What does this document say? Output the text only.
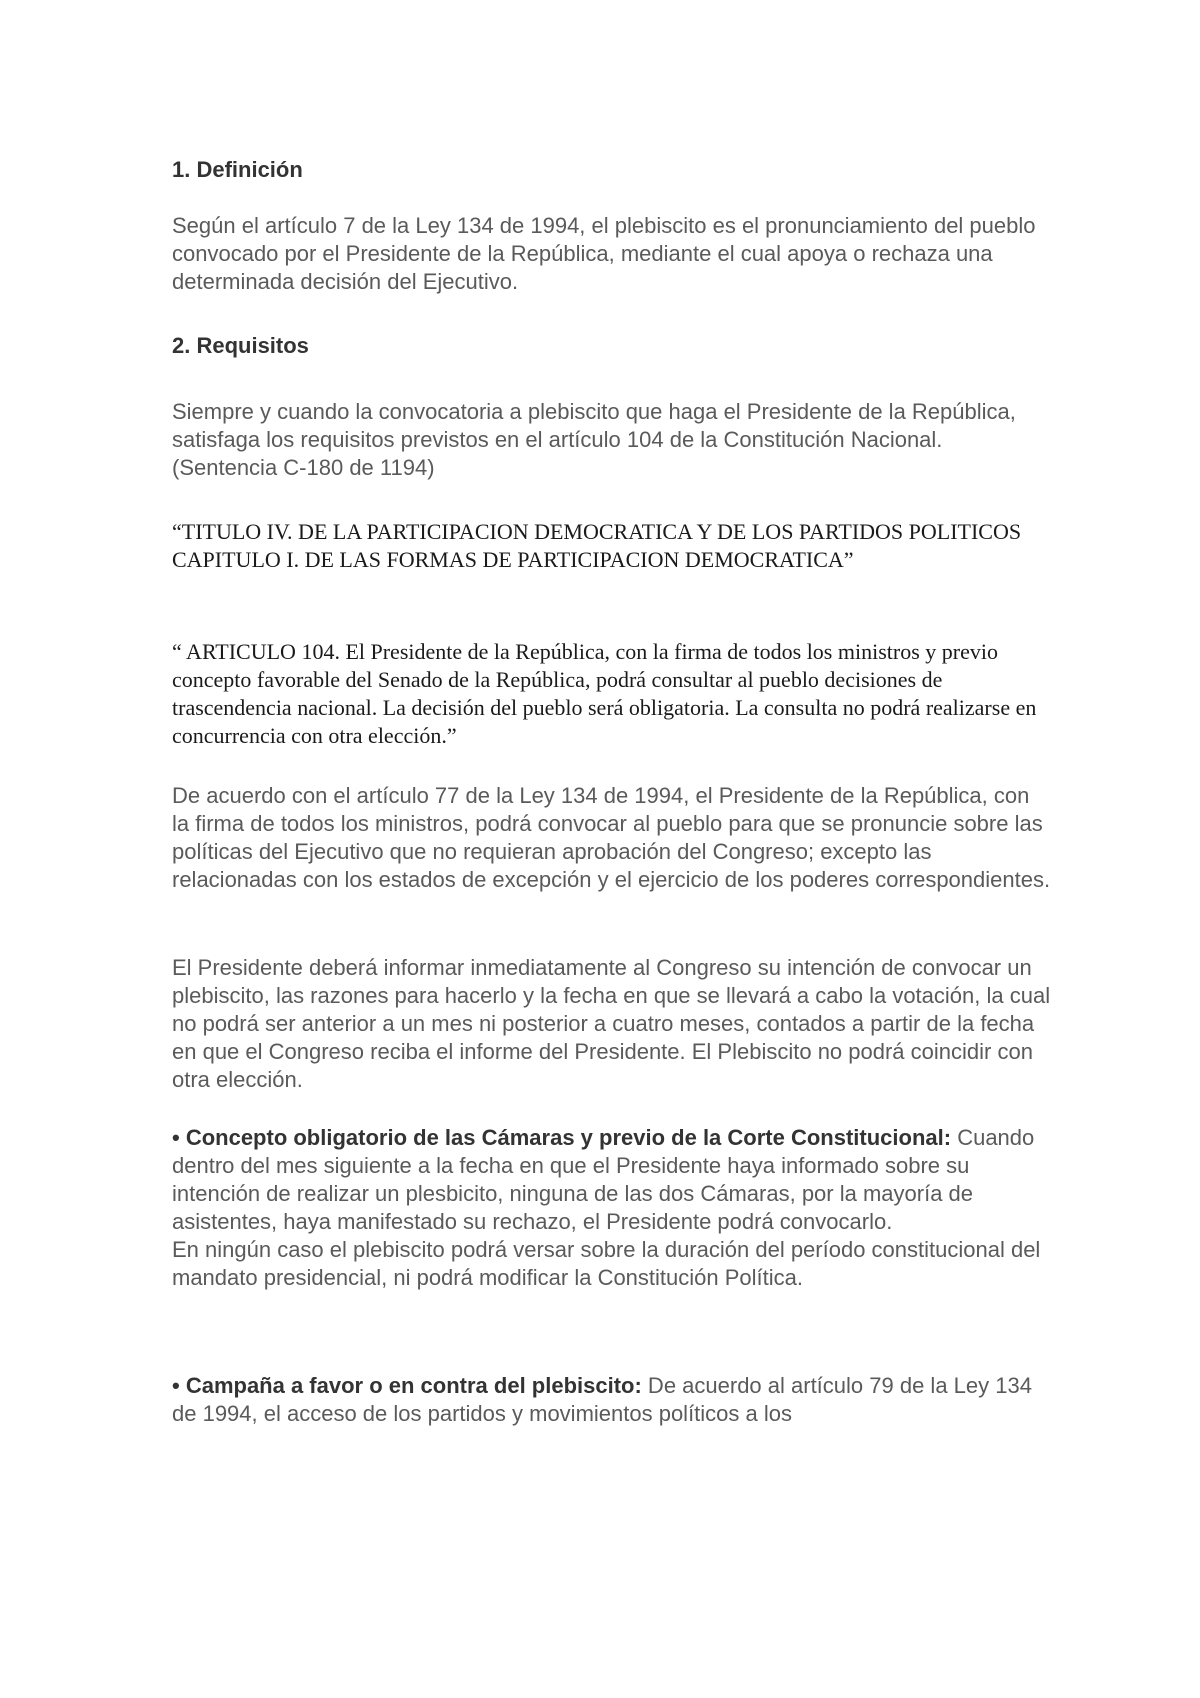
1. Definición

Según el artículo 7 de la Ley 134 de 1994, el plebiscito es el pronunciamiento del pueblo convocado por el Presidente de la República, mediante el cual apoya o rechaza una determinada decisión del Ejecutivo.

2. Requisitos

Siempre y cuando la convocatoria a plebiscito que haga el Presidente de la República, satisfaga los requisitos previstos en el artículo 104 de la Constitución Nacional. (Sentencia C-180 de 1194)

“TITULO IV. DE LA PARTICIPACION DEMOCRATICA Y DE LOS PARTIDOS POLITICOS CAPITULO I. DE LAS FORMAS DE PARTICIPACION DEMOCRATICA”

“ ARTICULO 104. El Presidente de la República, con la firma de todos los ministros y previo concepto favorable del Senado de la República, podrá consultar al pueblo decisiones de trascendencia nacional. La decisión del pueblo será obligatoria. La consulta no podrá realizarse en concurrencia con otra elección.”

De acuerdo con el artículo 77 de la Ley 134 de 1994, el Presidente de la República, con la firma de todos los ministros, podrá convocar al pueblo para que se pronuncie sobre las políticas del Ejecutivo que no requieran aprobación del Congreso; excepto las relacionadas con los estados de excepción y el ejercicio de los poderes correspondientes.

El Presidente deberá informar inmediatamente al Congreso su intención de convocar un plebiscito, las razones para hacerlo y la fecha en que se llevará a cabo la votación, la cual no podrá ser anterior a un mes ni posterior a cuatro meses, contados a partir de la fecha en que el Congreso reciba el informe del Presidente. El Plebiscito no podrá coincidir con otra elección.

• Concepto obligatorio de las Cámaras y previo de la Corte Constitucional: Cuando dentro del mes siguiente a la fecha en que el Presidente haya informado sobre su intención de realizar un plesbicito, ninguna de las dos Cámaras, por la mayoría de asistentes, haya manifestado su rechazo, el Presidente podrá convocarlo.
En ningún caso el plebiscito podrá versar sobre la duración del período constitucional del mandato presidencial, ni podrá modificar la Constitución Política.
• Campaña a favor o en contra del plebiscito: De acuerdo al artículo 79 de la Ley 134 de 1994, el acceso de los partidos y movimientos políticos a los
